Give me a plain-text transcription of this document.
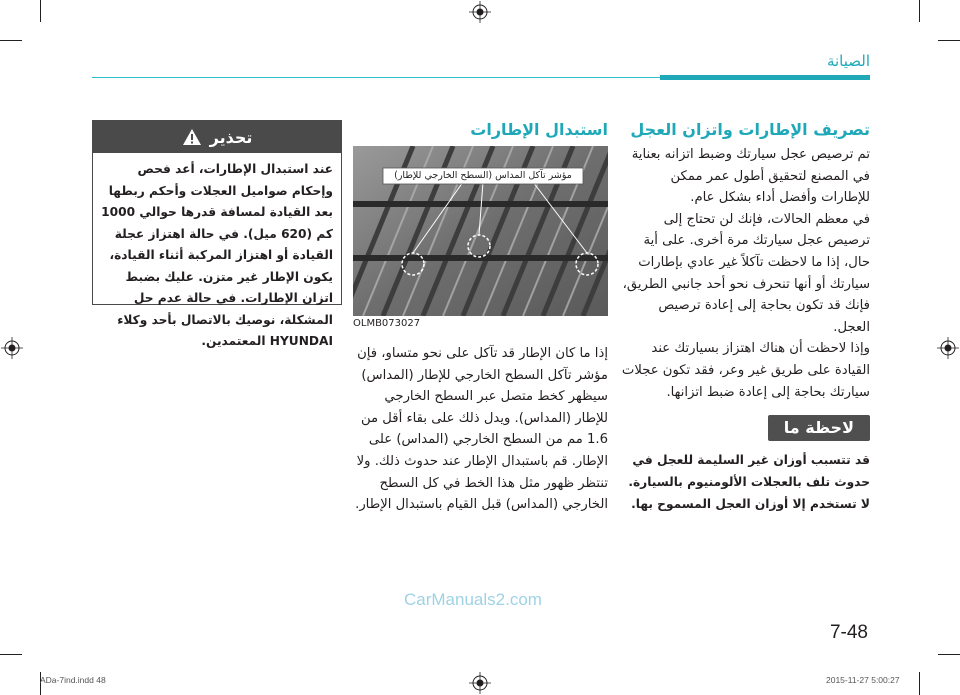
الصيانة
تصريف الإطارات واتزان العجل

تم ترصيص عجل سيارتك وضبط اتزانه بعناية في المصنع لتحقيق أطول عمر ممكن للإطارات وأفضل أداء بشكل عام.

في معظم الحالات، فإنك لن تحتاج إلى ترصيص عجل سيارتك مرة أخرى. على أية حال، إذا ما لاحظت تآكلاً غير عادي بإطارات سيارتك أو أنها تنحرف نحو أحد جانبي الطريق، فإنك قد تكون بحاجة إلى إعادة ترصيص العجل.

وإذا لاحظت أن هناك اهتزاز بسيارتك عند القيادة على طريق غير وعر، فقد تكون عجلات سيارتك بحاجة إلى إعادة ضبط اتزانها.

لاحظة ما

قد تتسبب أوزان غير السليمة للعجل في حدوث تلف بالعجلات الألومنيوم بالسيارة. لا تستخدم إلا أوزان العجل المسموح بها.

استبدال الإطارات
مؤشر تآكل المداس (السطح الخارجي للإطار)
OLMB073027

إذا ما كان الإطار قد تآكل على نحو متساو، فإن مؤشر تآكل السطح الخارجي للإطار (المداس) سيظهر كخط متصل عبر السطح الخارجي للإطار (المداس). ويدل ذلك على بقاء أقل من 1.6 مم من السطح الخارجي (المداس) على الإطار. قم باستبدال الإطار عند حدوث ذلك. ولا تنتظر ظهور مثل هذا الخط في كل السطح الخارجي (المداس) قبل القيام باستبدال الإطار.

تحذير

عند استبدال الإطارات، أعد فحص وإحكام صواميل العجلات وأحكم ربطها بعد القيادة لمسافة قدرها حوالي 1000 كم (620 ميل). في حالة اهتزاز عجلة القيادة أو اهتزاز المركبة أثناء القيادة، يكون الإطار غير متزن. عليك بضبط اتزان الإطارات. في حالة عدم حل المشكلة، نوصيك بالاتصال بأحد وكلاء HYUNDAI المعتمدين.

CarManuals2.com
7-48
ADa-7ind.indd 48	2015-11-27 5:00:27
